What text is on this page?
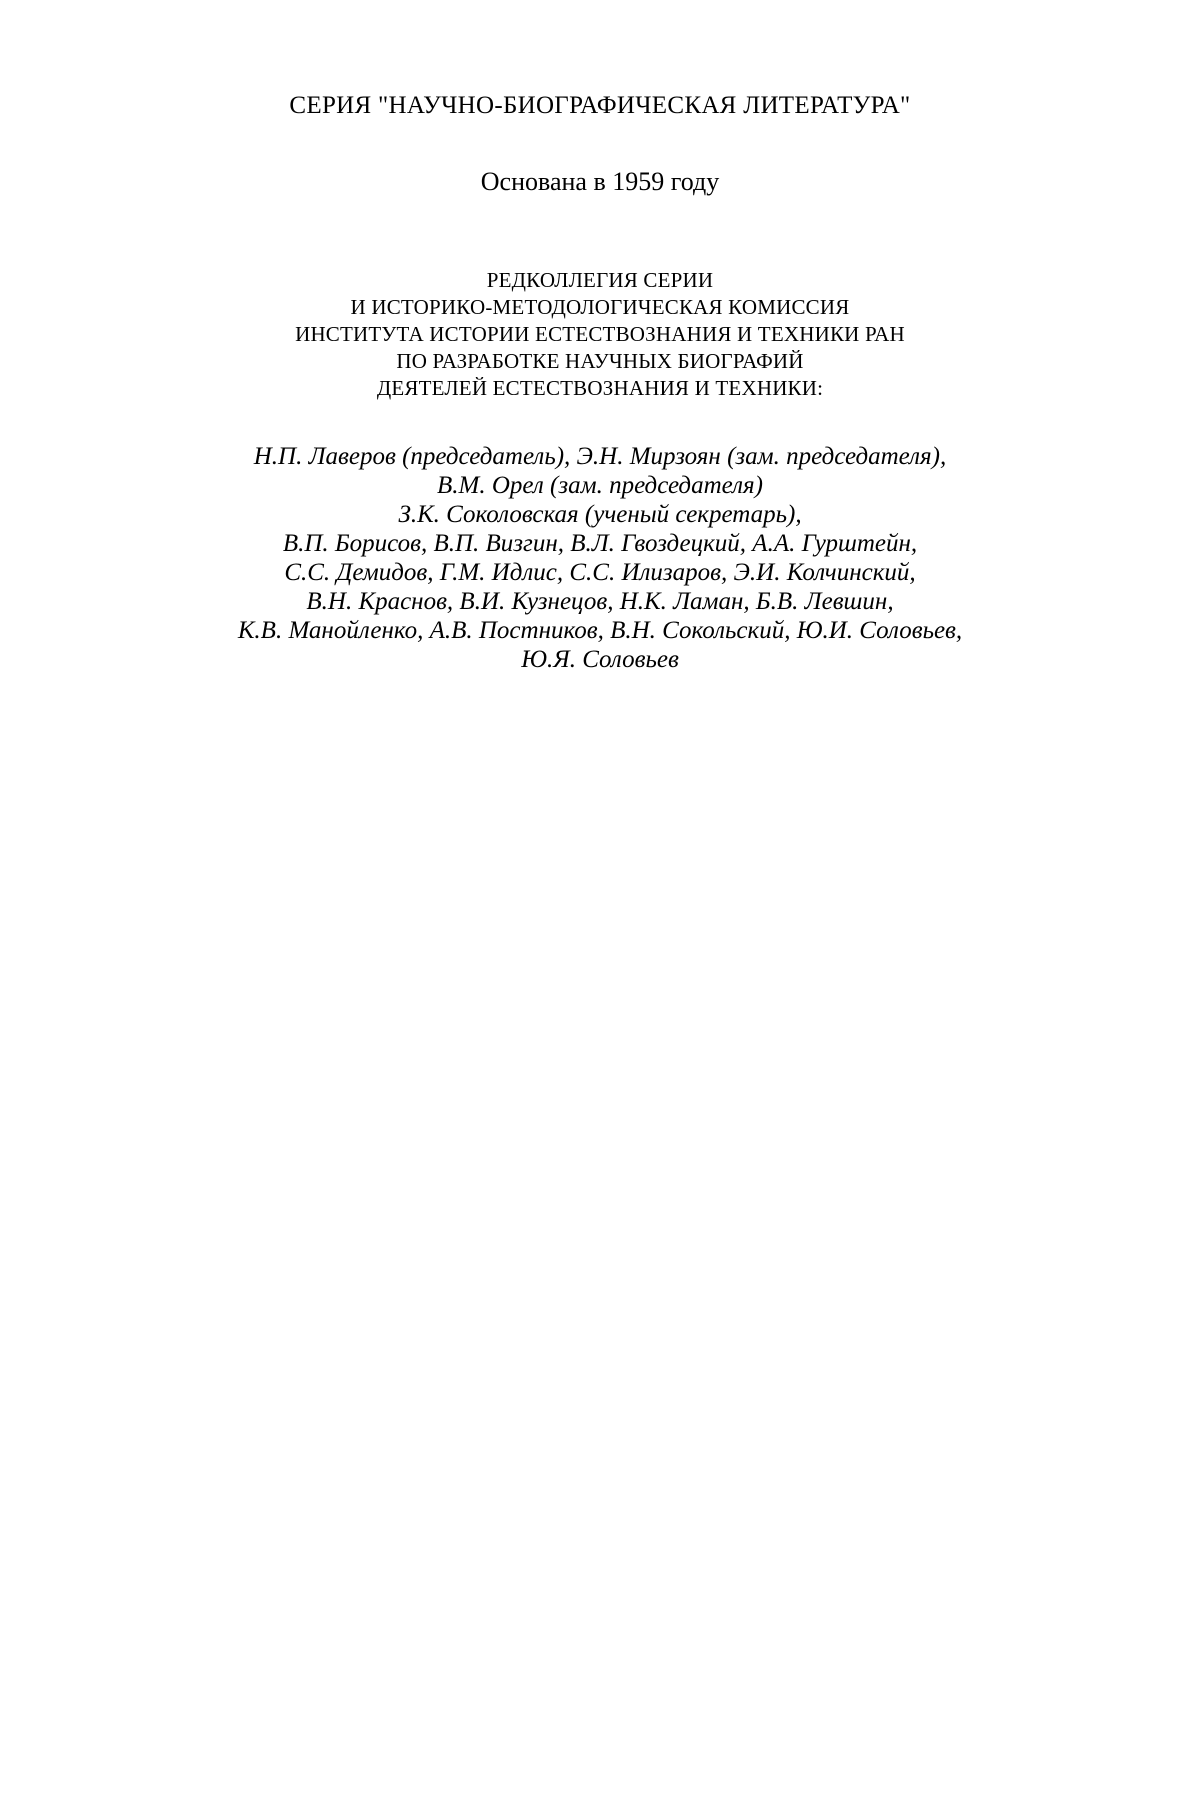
СЕРИЯ "НАУЧНО-БИОГРАФИЧЕСКАЯ ЛИТЕРАТУРА"
Основана в 1959 году
РЕДКОЛЛЕГИЯ СЕРИИ
И ИСТОРИКО-МЕТОДОЛОГИЧЕСКАЯ КОМИССИЯ
ИНСТИТУТА ИСТОРИИ ЕСТЕСТВОЗНАНИЯ И ТЕХНИКИ РАН
ПО РАЗРАБОТКЕ НАУЧНЫХ БИОГРАФИЙ
ДЕЯТЕЛЕЙ ЕСТЕСТВОЗНАНИЯ И ТЕХНИКИ:
Н.П. Лаверов (председатель), Э.Н. Мирзоян (зам. председателя),
В.М. Орел (зам. председателя)
З.К. Соколовская (ученый секретарь),
В.П. Борисов, В.П. Визгин, В.Л. Гвоздецкий, А.А. Гурштейн,
С.С. Демидов, Г.М. Идлис, С.С. Илизаров, Э.И. Колчинский,
В.Н. Краснов, В.И. Кузнецов, Н.К. Ламан, Б.В. Левшин,
К.В. Манойленко, А.В. Постников, В.Н. Сокольский, Ю.И. Соловьев,
Ю.Я. Соловьев
